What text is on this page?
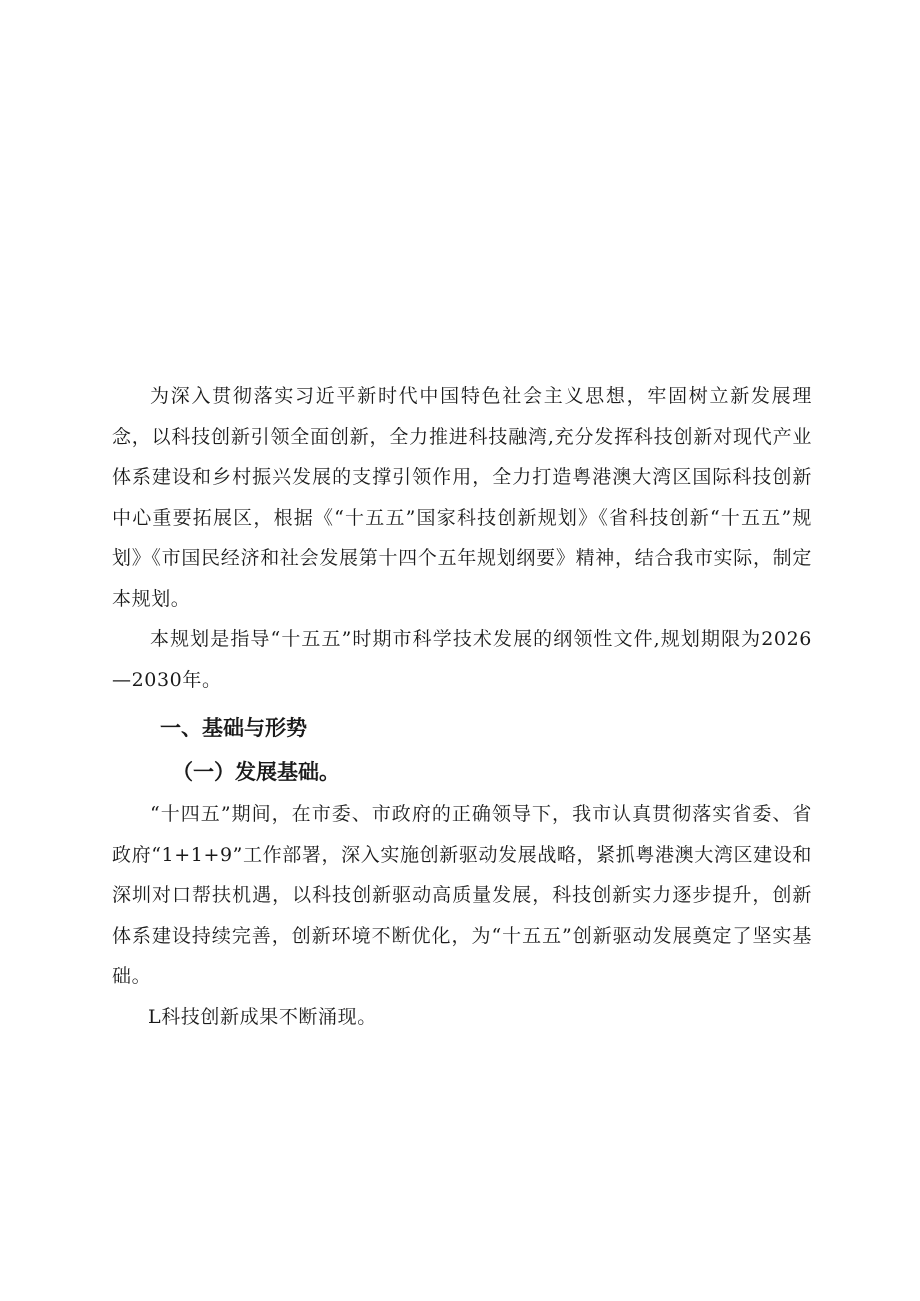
为深入贯彻落实习近平新时代中国特色社会主义思想，牢固树立新发展理念，以科技创新引领全面创新，全力推进科技融湾,充分发挥科技创新对现代产业体系建设和乡村振兴发展的支撑引领作用，全力打造粤港澳大湾区国际科技创新中心重要拓展区，根据《“十五五”国家科技创新规划》《省科技创新“十五五”规划》《市国民经济和社会发展第十四个五年规划纲要》精神，结合我市实际，制定本规划。

本规划是指导“十五五”时期市科学技术发展的纲领性文件,规划期限为2026—2030年。

一、基础与形势
（一）发展基础。

“十四五”期间，在市委、市政府的正确领导下，我市认真贯彻落实省委、省政府“1+1+9”工作部署，深入实施创新驱动发展战略，紧抓粤港澳大湾区建设和深圳对口帮扶机遇，以科技创新驱动高质量发展，科技创新实力逐步提升，创新体系建设持续完善，创新环境不断优化，为“十五五”创新驱动发展奠定了坚实基础。

L科技创新成果不断涌现。
